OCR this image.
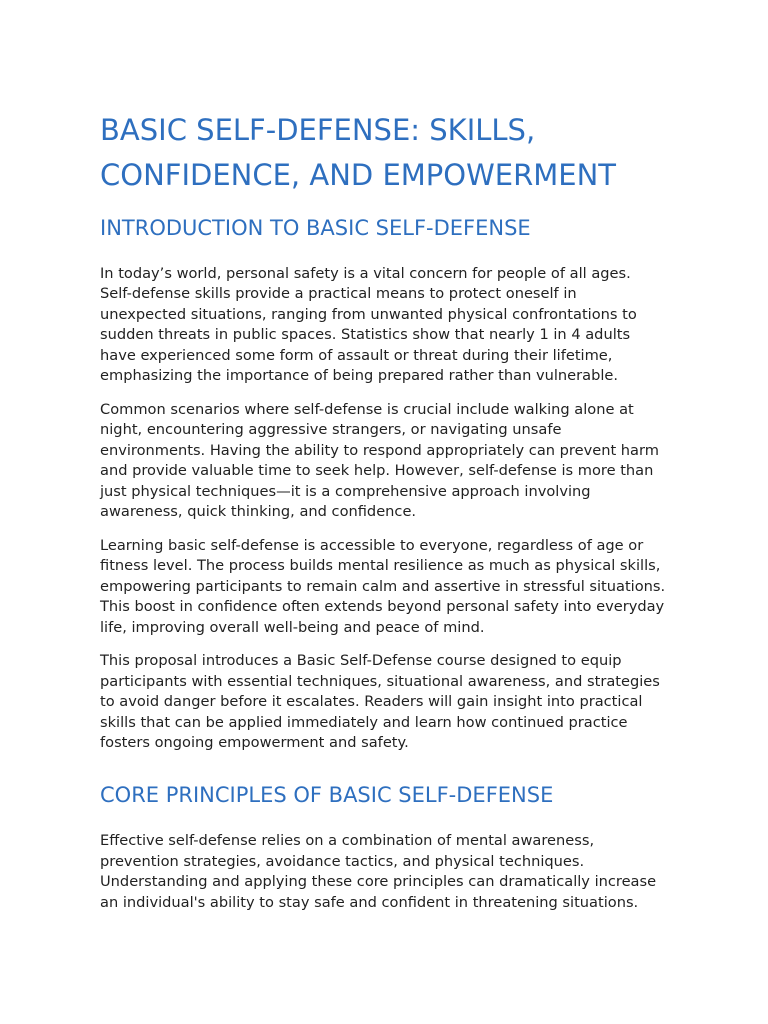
BASIC SELF-DEFENSE: SKILLS, CONFIDENCE, AND EMPOWERMENT
INTRODUCTION TO BASIC SELF-DEFENSE

In today’s world, personal safety is a vital concern for people of all ages. Self-defense skills provide a practical means to protect oneself in unexpected situations, ranging from unwanted physical confrontations to sudden threats in public spaces. Statistics show that nearly 1 in 4 adults have experienced some form of assault or threat during their lifetime, emphasizing the importance of being prepared rather than vulnerable.

Common scenarios where self-defense is crucial include walking alone at night, encountering aggressive strangers, or navigating unsafe environments. Having the ability to respond appropriately can prevent harm and provide valuable time to seek help. However, self-defense is more than just physical techniques—it is a comprehensive approach involving awareness, quick thinking, and confidence.

Learning basic self-defense is accessible to everyone, regardless of age or fitness level. The process builds mental resilience as much as physical skills, empowering participants to remain calm and assertive in stressful situations. This boost in confidence often extends beyond personal safety into everyday life, improving overall well-being and peace of mind.

This proposal introduces a Basic Self-Defense course designed to equip participants with essential techniques, situational awareness, and strategies to avoid danger before it escalates. Readers will gain insight into practical skills that can be applied immediately and learn how continued practice fosters ongoing empowerment and safety.

CORE PRINCIPLES OF BASIC SELF-DEFENSE

Effective self-defense relies on a combination of mental awareness, prevention strategies, avoidance tactics, and physical techniques. Understanding and applying these core principles can dramatically increase an individual's ability to stay safe and confident in threatening situations.
